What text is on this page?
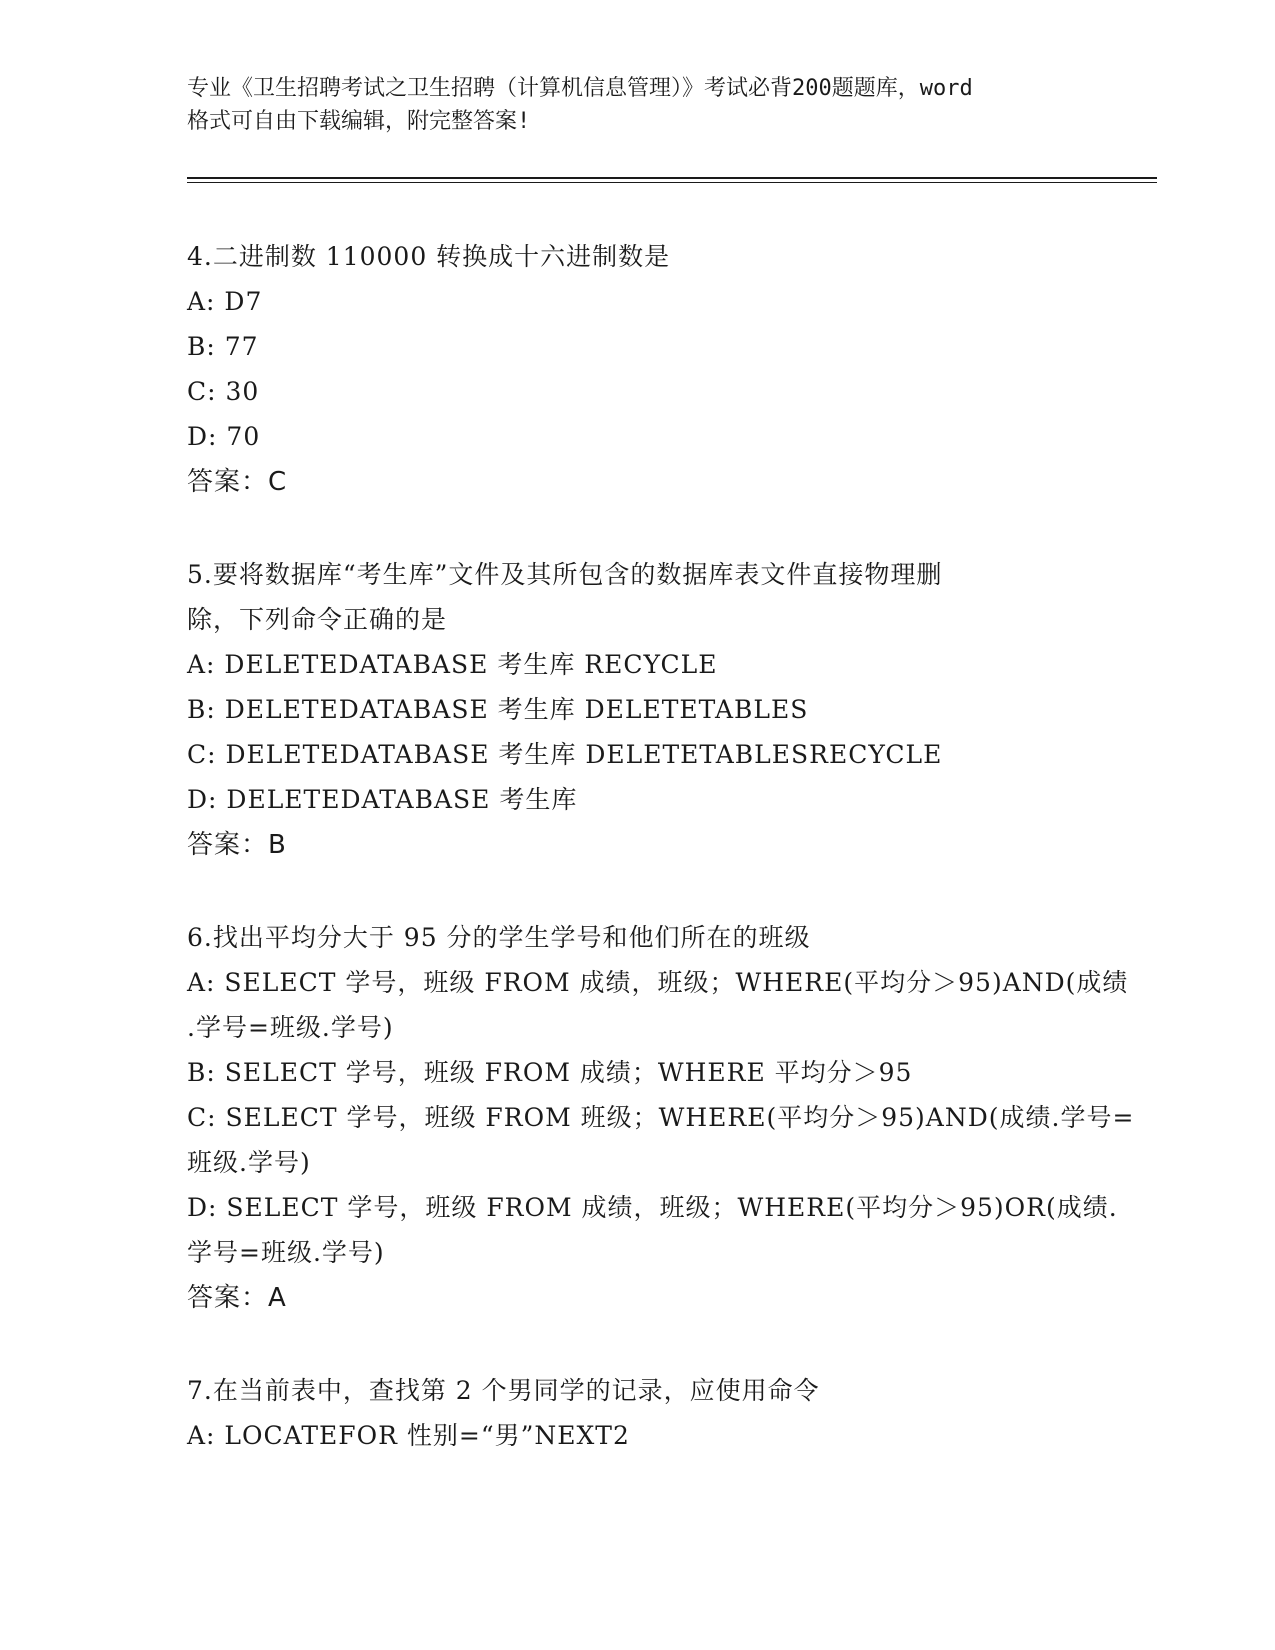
专业《卫生招聘考试之卫生招聘（计算机信息管理）》考试必背200题题库，word
格式可自由下载编辑，附完整答案!
4.二进制数 110000 转换成十六进制数是
A: D7
B: 77
C: 30
D: 70
答案：C
5.要将数据库“考生库”文件及其所包含的数据库表文件直接物理删
除，下列命令正确的是
A: DELETEDATABASE 考生库 RECYCLE
B: DELETEDATABASE 考生库 DELETETABLES
C: DELETEDATABASE 考生库 DELETETABLESRECYCLE
D: DELETEDATABASE 考生库
答案：B
6.找出平均分大于 95 分的学生学号和他们所在的班级
A: SELECT 学号，班级 FROM 成绩，班级；WHERE(平均分＞95)AND(成绩
.学号=班级.学号)
B: SELECT 学号，班级 FROM 成绩；WHERE 平均分＞95
C: SELECT 学号，班级 FROM 班级；WHERE(平均分＞95)AND(成绩.学号=
班级.学号)
D: SELECT 学号，班级 FROM 成绩，班级；WHERE(平均分＞95)OR(成绩.
学号=班级.学号)
答案：A
7.在当前表中，查找第 2 个男同学的记录，应使用命令
A: LOCATEFOR 性别=“男”NEXT2
